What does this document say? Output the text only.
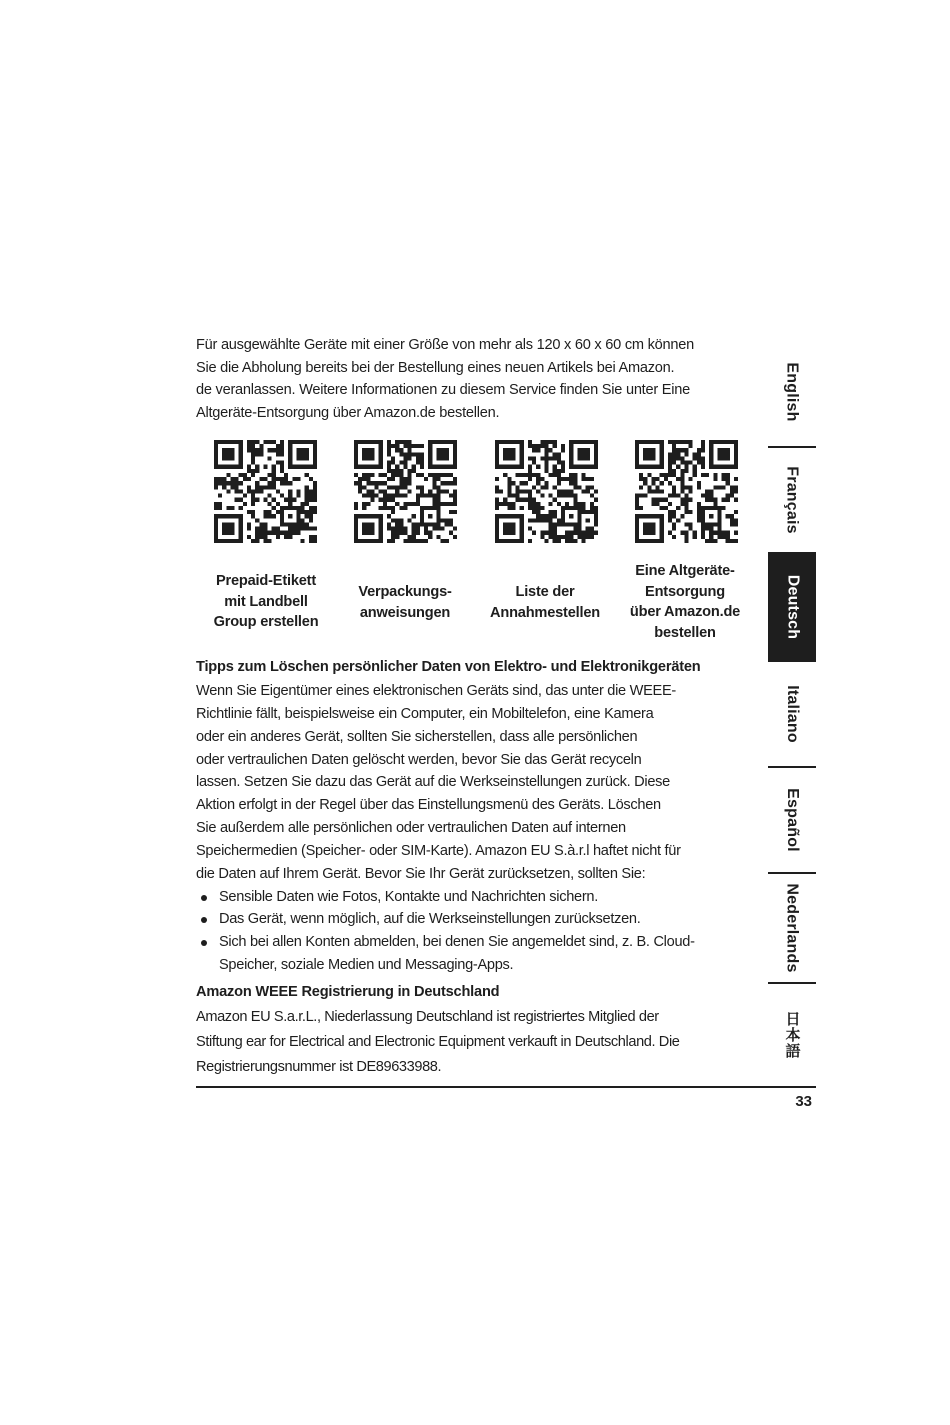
Für ausgewählte Geräte mit einer Größe von mehr als 120 x 60 x 60 cm können

Sie die Abholung bereits bei der Bestellung eines neuen Artikels bei Amazon.

de veranlassen. Weitere Informationen zu diesem Service finden Sie unter Eine

Altgeräte-Entsorgung über Amazon.de bestellen.

Prepaid-Etikett
mit Landbell
Group erstellen
Verpackungs-
anweisungen
Liste der
Annahmestellen
Eine Altgeräte-
Entsorgung
über Amazon.de
bestellen
Tipps zum Löschen persönlicher Daten von Elektro- und Elektronikgeräten

Wenn Sie Eigentümer eines elektronischen Geräts sind, das unter die WEEE-

Richtlinie fällt, beispielsweise ein Computer, ein Mobiltelefon, eine Kamera

oder ein anderes Gerät, sollten Sie sicherstellen, dass alle persönlichen

oder vertraulichen Daten gelöscht werden, bevor Sie das Gerät recyceln

lassen. Setzen Sie dazu das Gerät auf die Werkseinstellungen zurück. Diese

Aktion erfolgt in der Regel über das Einstellungsmenü des Geräts. Löschen

Sie außerdem alle persönlichen oder vertraulichen Daten auf internen

Speichermedien (Speicher- oder SIM-Karte). Amazon EU S.à.r.l haftet nicht für

die Daten auf Ihrem Gerät. Bevor Sie Ihr Gerät zurücksetzen, sollten Sie:

Sensible Daten wie Fotos, Kontakte und Nachrichten sichern.
Das Gerät, wenn möglich, auf die Werkseinstellungen zurücksetzen.
Sich bei allen Konten abmelden, bei denen Sie angemeldet sind, z. B. Cloud-
Speicher, soziale Medien und Messaging-Apps.
Amazon WEEE Registrierung in Deutschland

Amazon EU S.a.r.L., Niederlassung Deutschland ist registriertes Mitglied der

Stiftung ear for Electrical and Electronic Equipment verkauft in Deutschland. Die

Registrierungsnummer ist DE89633988.

33
English
Français
Deutsch
Italiano
Español
Nederlands
日本語
